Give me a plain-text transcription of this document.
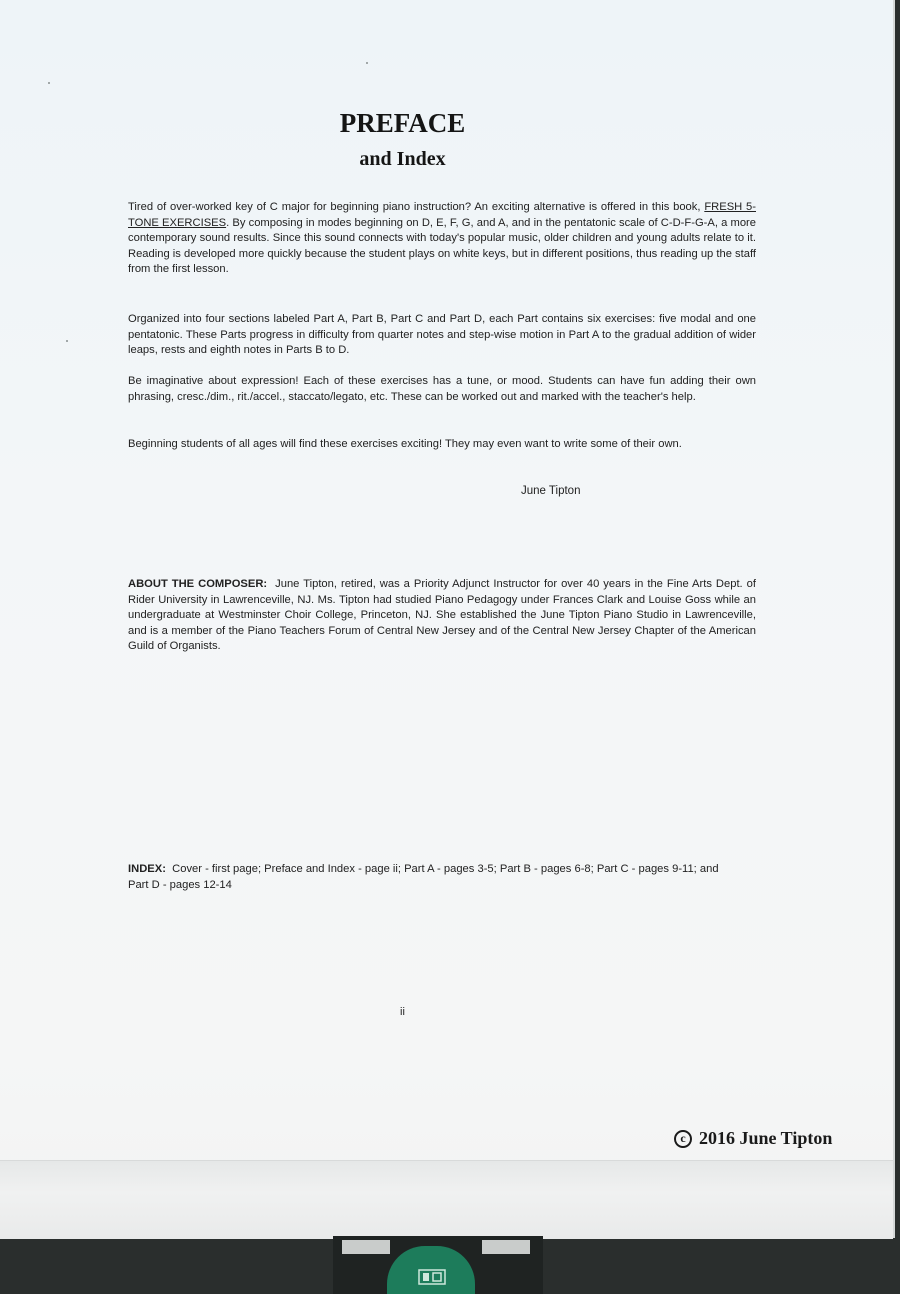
PREFACE
and Index
Tired of over-worked key of C major for beginning piano instruction? An exciting alternative is offered in this book, FRESH 5-TONE EXERCISES. By composing in modes beginning on D, E, F, G, and A, and in the pentatonic scale of C-D-F-G-A, a more contemporary sound results. Since this sound connects with today's popular music, older children and young adults relate to it. Reading is developed more quickly because the student plays on white keys, but in different positions, thus reading up the staff from the first lesson.
Organized into four sections labeled Part A, Part B, Part C and Part D, each Part contains six exercises: five modal and one pentatonic. These Parts progress in difficulty from quarter notes and step-wise motion in Part A to the gradual addition of wider leaps, rests and eighth notes in Parts B to D.
Be imaginative about expression! Each of these exercises has a tune, or mood. Students can have fun adding their own phrasing, cresc./dim., rit./accel., staccato/legato, etc. These can be worked out and marked with the teacher's help.
Beginning students of all ages will find these exercises exciting! They may even want to write some of their own.
June Tipton
ABOUT THE COMPOSER: June Tipton, retired, was a Priority Adjunct Instructor for over 40 years in the Fine Arts Dept. of Rider University in Lawrenceville, NJ. Ms. Tipton had studied Piano Pedagogy under Frances Clark and Louise Goss while an undergraduate at Westminster Choir College, Princeton, NJ. She established the June Tipton Piano Studio in Lawrenceville, and is a member of the Piano Teachers Forum of Central New Jersey and of the Central New Jersey Chapter of the American Guild of Organists.
INDEX: Cover - first page; Preface and Index - page ii; Part A - pages 3-5; Part B - pages 6-8; Part C - pages 9-11; and Part D - pages 12-14
ii
c 2016 June Tipton
